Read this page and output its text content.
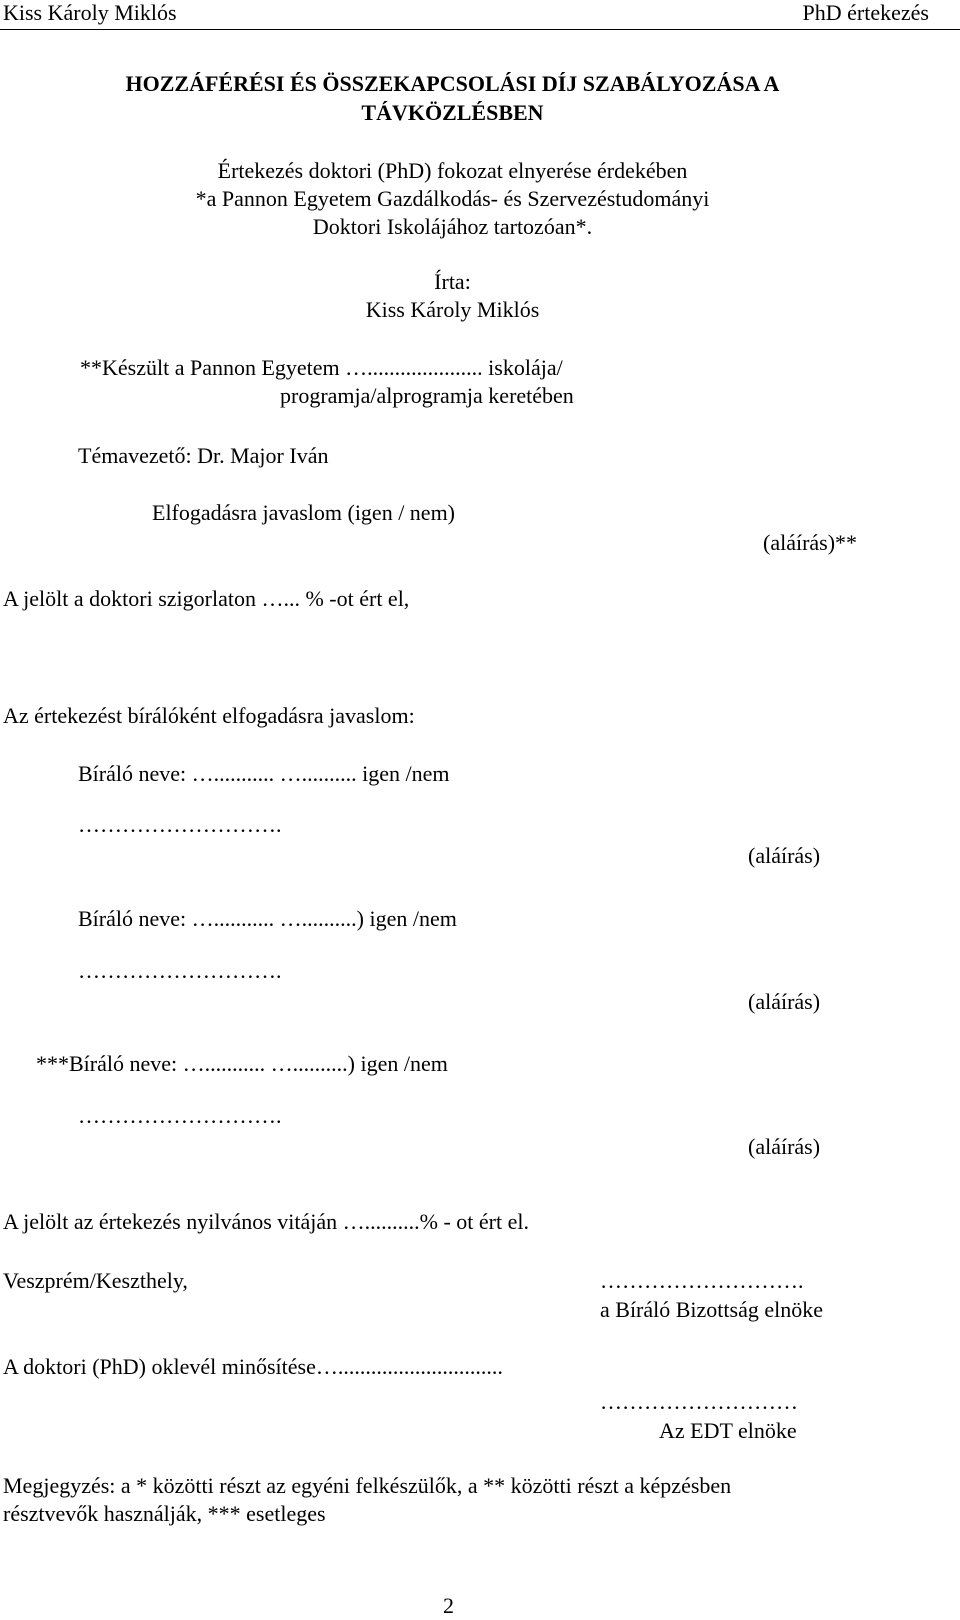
Kiss Károly Miklós	PhD értekezés
HOZZÁFÉRÉSI ÉS ÖSSZEKAPCSOLÁSI DÍJ SZABÁLYOZÁSA A
TÁVKÖZLÉSBEN
Értekezés doktori (PhD) fokozat elnyerése érdekében
*a Pannon Egyetem Gazdálkodás- és Szervezéstudományi
Doktori Iskolájához tartozóan*.
Írta:
Kiss Károly Miklós
**Készült a Pannon Egyetem …..................... iskolája/
programja/alprogramja keretében
Témavezető: Dr. Major Iván
Elfogadásra javaslom (igen / nem)
(aláírás)**
A jelölt a doktori szigorlaton …... % -ot ért el,
Az értekezést bírálóként elfogadásra javaslom:
Bíráló neve: …........... ….......... igen /nem
……………………….
(aláírás)
Bíráló neve: …........... …..........) igen /nem
……………………….
(aláírás)
***Bíráló neve: …........... …..........) igen /nem
……………………….
(aláírás)
A jelölt az értekezés nyilvános vitáján …..........% - ot ért el.
Veszprém/Keszthely,	……………………….
a Bíráló Bizottság elnöke
A doktori (PhD) oklevél minősítése…..............................
………………………
Az EDT elnöke
Megjegyzés: a * közötti részt az egyéni felkészülők, a ** közötti részt a képzésben
résztvevők használják, *** esetleges
2
